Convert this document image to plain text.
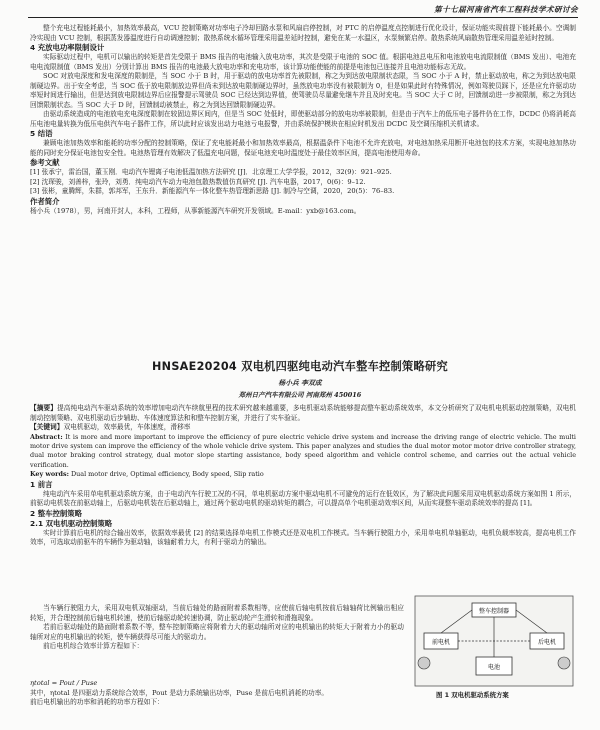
第十七届河南省汽车工程科技学术研讨会

整个充电过程能耗最小，加热效率最高，VCU 控制策略对功率电子冷却回路水泵和风扇启停控制，对 PTC 的启停温度点控制进行优化设计，保证功能实现前提下能耗最小。空调制冷实现由 VCU 控制，根据蒸发器温度进行自动调速控制；散热系统水循环管理采用温差延时控制，避免在某一水温区，水泵频繁启停。散热系统风扇散热管理采用温差延时控制。

4 充放电功率限制设计

实际驱动过程中，电机可以输出的转矩是首先受限于 BMS 报告的电池输入放电功率，其次是受限于电池的 SOC 值。根据电池总电压和电池放电电流限制值（BMS 发出）、电池充电电流限制值（BMS 发出）分别计算出 BMS 报告的电池最大放电功率和充电功率，该计算功能使能的前提是电池包已连接并且电池功能标志无故。

SOC 对放电深度和发电深度的限制是，当 SOC 小于 B 时，用于驱动的放电功率首先被限制，称之为到达放电限制状态限，当 SOC 小于 A 时，禁止驱动放电，称之为到达放电限制硬边界。出于安全考虑，当 SOC 低于放电限制放边界但尚未到达放电限制硬边界时，虽然放电功率没有被限制为 0，但是如果此时有特殊情况，例如驾驶员踩下，还是应允许驱动功率短时间进行输出，但是达到放电限制边界后应报警提示驾驶员 SOC 已经达到边界值，使驾驶员尽量避免继车并且及时充电。当 SOC 大于 C 时，回馈制动进一步被限制，称之为到达回馈限制状态。当 SOC 大于 D 时，回馈制动被禁止，称之为到达回馈限制硬边界。

由驱动系统造成的电池放电充电深度限制在较固边界区间内，但是当 SOC 处低时，即使驱动部分的放电功率被限制，但是由于汽车上的低压电子器件仍在工作，DCDC 仍将消耗高压电池电量转换为低压电供汽车电子器件工作，所以此时应该发出动力电池亏电报警，并由系统保护模块在相应时机发出 DCDC 及空调压缩机关机请求。

5 结语

兼顾电池加热效率和能耗的功率分配的控制策略，保证了充电能耗最小和加热效率最高，根据温条件下电池不允许充放电，对电池加热采用断开电池包的技术方案，实现电池加热功能的同时充分保证电池包安全性。电池热管理有效解决了低温充电问题，保证电池充电时温度处于最佳效率区间，提高电池使用寿命。

参考文献

[1] 张承宁，雷治国，董玉刚．电动汽车锂离子电池低温加热方法研究 [J]．北京理工大学学报，2012，32(9)：921–925.

[2] 沈琛骏，刘善梓，张玲，刘勇．纯电动汽车动力电池包散热数值仿真研究 [J]. 汽车电器，2017，0(6)：9–12.

[3] 张彬，童腾辉，朱群，郭邦军，王东升．新能源汽车一体化整车热管理新思路 [J]. 制冷与空调，2020，20(5)：76–83.

作者简介

杨小兵（1978），男，河南开封人，本科，工程师，从事新能源汽车研究开发领域。E-mail：yxb@163.com。

HNSAE20204 双电机四驱纯电动汽车整车控制策略研究
杨小兵 李双成
郑州日产汽车有限公司 河南郑州 450016
【摘要】提高纯电动汽车驱动系统的效率增加电动汽车续航里程的技术研究越来越重要，多电机驱动系统能够提高整车驱动系统效率，本文分析研究了双电机电机驱动控制策略，双电机制动控制策略、双电机驱动后步辅助、车体速度算法和和整车控制方案，并进行了实车验证。
【关键词】双电机驱动，效率最优，车体速度，滑移率
Abstract: It is more and more important to improve the efficiency of pure electric vehicle drive system and increase the driving range of electric vehicle. The multi motor drive system can improve the efficiency of the whole vehicle drive system. This paper analyzes and studies the dual motor motor motor drive controller strategy, dual motor braking control strategy, dual motor slope starting assistance, body speed algorithm and vehicle control scheme, and carries out the actual vehicle verification.
Key words: Dual motor drive, Optimal efficiency, Body speed, Slip ratio
1 前言

纯电动汽车采用单电机驱动系统方案，由于电动汽车行驶工况的不同，单电机驱动方案中驱动电机不可避免的运行在低效区，为了解决此问题采用双电机驱动系统方案如图 1 所示，前驱动电机装在前驱动轴上，后驱动电机装在后驱动轴上，通过两个驱动电机的驱动转矩的耦合，可以提高单个电机驱动效率区间，从而实现整车驱动系统效率的提高 [1]。

2 整车控制策略
2.1 双电机驱动控制策略

实时计算前后电机的综合输出效率，依据效率最优 [2] 的结果选择单电机工作模式还是双电机工作模式。当车辆行驶阻力小，采用单电机单轴驱动，电机负载率较高，提高电机工作效率，可选取动前驱车的车辆作为驱动轴，该轴耐着力大，有利于驱动力的输出。

当车辆行驶阻力大，采用双电机双轴驱动，当前后轴处的路面附着系数相等，应使前后轴电机按前后轴轴荷比例输出相应转矩，并合理控制前后轴电机转速，使前后轴驱动轮转速协调，防止驱动轮产生滑转和滑拖现象。

若前后驱动轴处的路面附着系数不等，整车控制策略应将附着力大的驱动轴所对应的电机输出的转矩大于附着力小的驱动轴所对应的电机输出的转矩，使车辆获得尽可能大的驱动力。

前后电机综合效率计算方程如下：

ηtotal = Pout / Puse
其中，ηtotal 是四驱动力系统综合效率，Pout 是动力系统输出功率，Puse 是前后电机消耗的功率。
前后电机输出的功率和消耗的功率方程如下：
整车控制器
前电机	后电机
电池
图 1 双电机驱动系统方案
